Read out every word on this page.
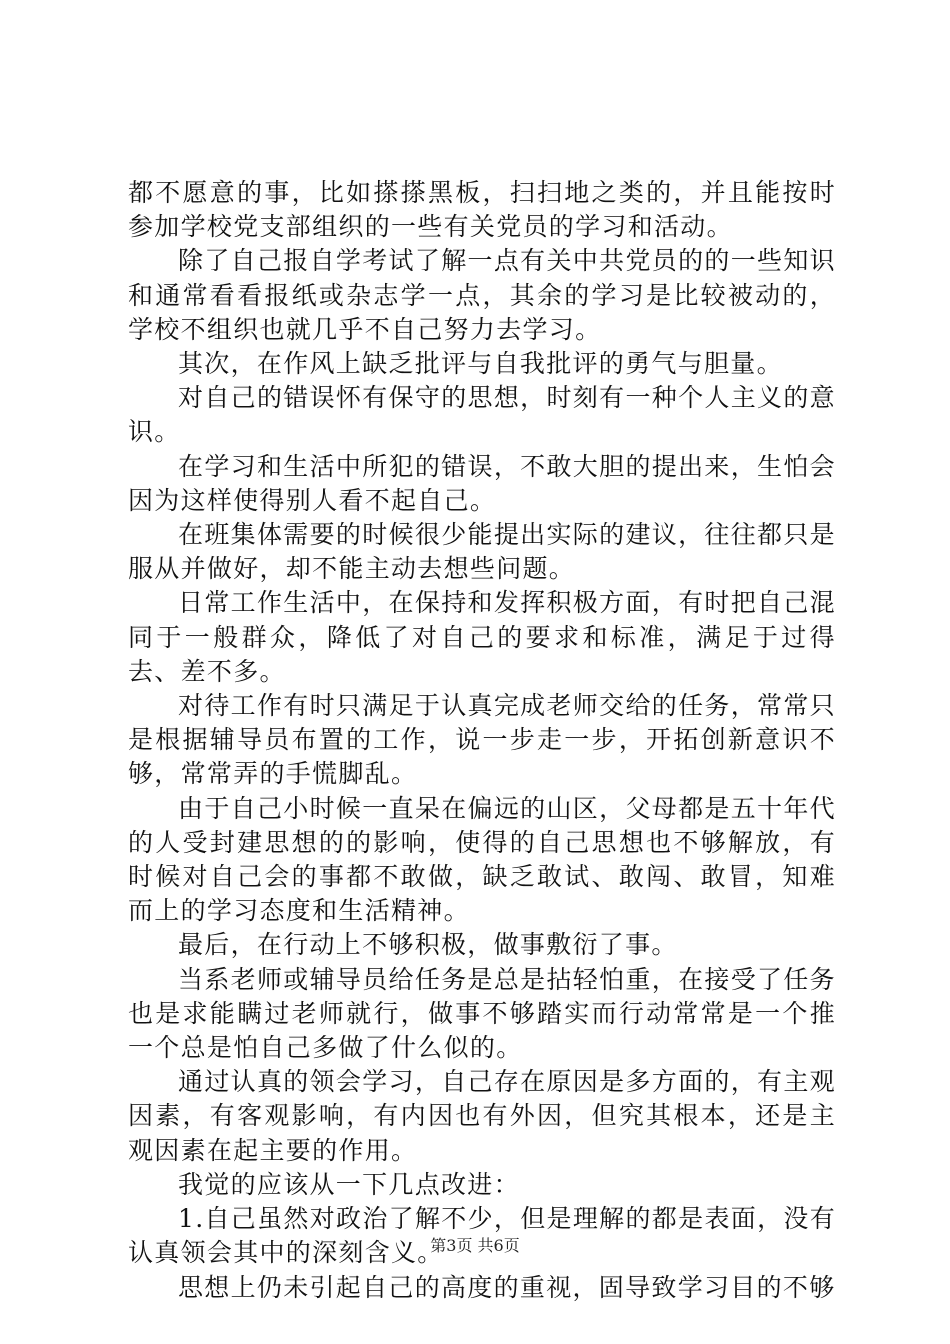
都不愿意的事，比如搽搽黑板，扫扫地之类的，并且能按时参加学校党支部组织的一些有关党员的学习和活动。

除了自己报自学考试了解一点有关中共党员的的一些知识和通常看看报纸或杂志学一点，其余的学习是比较被动的，学校不组织也就几乎不自己努力去学习。

其次，在作风上缺乏批评与自我批评的勇气与胆量。

对自己的错误怀有保守的思想，时刻有一种个人主义的意识。

在学习和生活中所犯的错误，不敢大胆的提出来，生怕会因为这样使得别人看不起自己。

在班集体需要的时候很少能提出实际的建议，往往都只是服从并做好，却不能主动去想些问题。

日常工作生活中，在保持和发挥积极方面，有时把自己混同于一般群众，降低了对自己的要求和标准，满足于过得去、差不多。

对待工作有时只满足于认真完成老师交给的任务，常常只是根据辅导员布置的工作，说一步走一步，开拓创新意识不够，常常弄的手慌脚乱。

由于自己小时候一直呆在偏远的山区，父母都是五十年代的人受封建思想的的影响，使得的自己思想也不够解放，有时候对自己会的事都不敢做，缺乏敢试、敢闯、敢冒，知难而上的学习态度和生活精神。

最后，在行动上不够积极，做事敷衍了事。

当系老师或辅导员给任务是总是拈轻怕重，在接受了任务也是求能瞒过老师就行，做事不够踏实而行动常常是一个推一个总是怕自己多做了什么似的。

通过认真的领会学习，自己存在原因是多方面的，有主观因素，有客观影响，有内因也有外因，但究其根本，还是主观因素在起主要的作用。

我觉的应该从一下几点改进：

1.自己虽然对政治了解不少，但是理解的都是表面，没有认真领会其中的深刻含义。

思想上仍未引起自己的高度的重视，固导致学习目的不够

第3页 共6页
